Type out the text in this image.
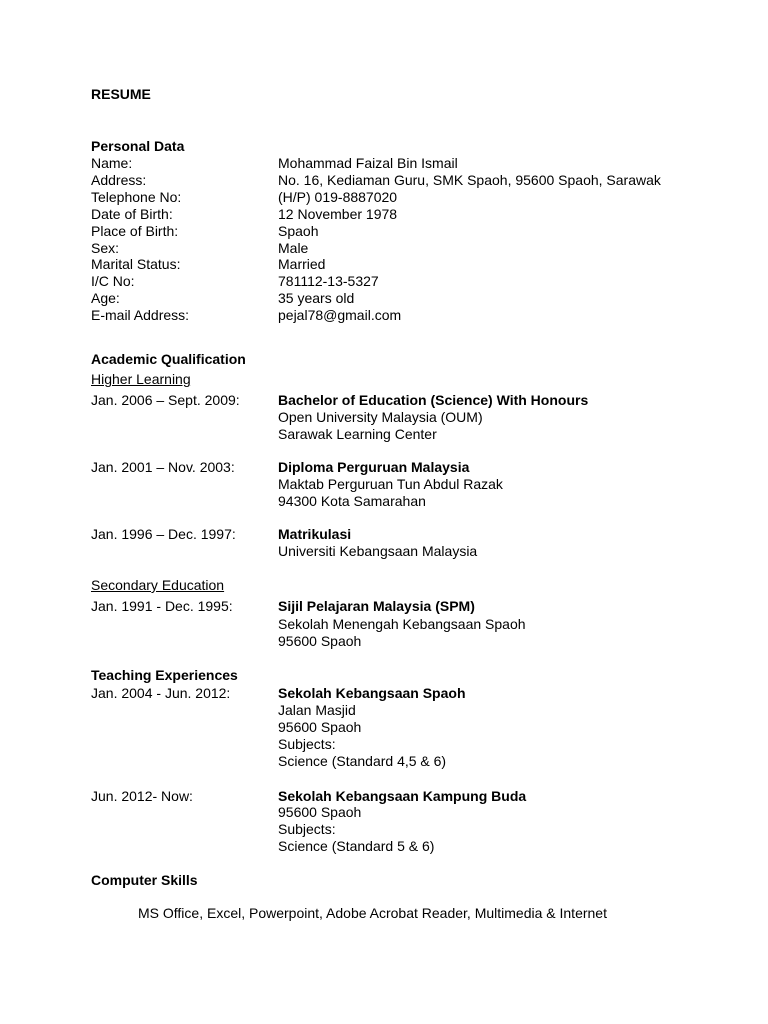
RESUME
Personal Data
Name:	Mohammad Faizal Bin Ismail
Address:	No. 16, Kediaman Guru, SMK Spaoh, 95600 Spaoh, Sarawak
Telephone No:	(H/P) 019-8887020
Date of Birth:	12 November 1978
Place of Birth:	Spaoh
Sex:	Male
Marital Status:	Married
I/C No:	781112-13-5327
Age:	35 years old
E-mail Address:	pejal78@gmail.com
Academic Qualification
Higher Learning
Jan. 2006 – Sept. 2009:	Bachelor of Education (Science) With Honours
Open University Malaysia (OUM)
Sarawak Learning Center
Jan. 2001 – Nov. 2003:	Diploma Perguruan Malaysia
Maktab Perguruan Tun Abdul Razak
94300 Kota Samarahan
Jan. 1996 – Dec. 1997:	Matrikulasi
Universiti Kebangsaan Malaysia
Secondary Education
Jan. 1991 - Dec. 1995:	Sijil Pelajaran Malaysia (SPM)
Sekolah Menengah Kebangsaan Spaoh
95600 Spaoh
Teaching Experiences
Jan. 2004 - Jun. 2012:	Sekolah Kebangsaan Spaoh
Jalan Masjid
95600 Spaoh
Subjects:
Science (Standard 4,5 & 6)
Jun. 2012- Now:	Sekolah Kebangsaan Kampung Buda
95600 Spaoh
Subjects:
Science (Standard 5 & 6)
Computer Skills
MS Office, Excel, Powerpoint, Adobe Acrobat Reader, Multimedia & Internet
